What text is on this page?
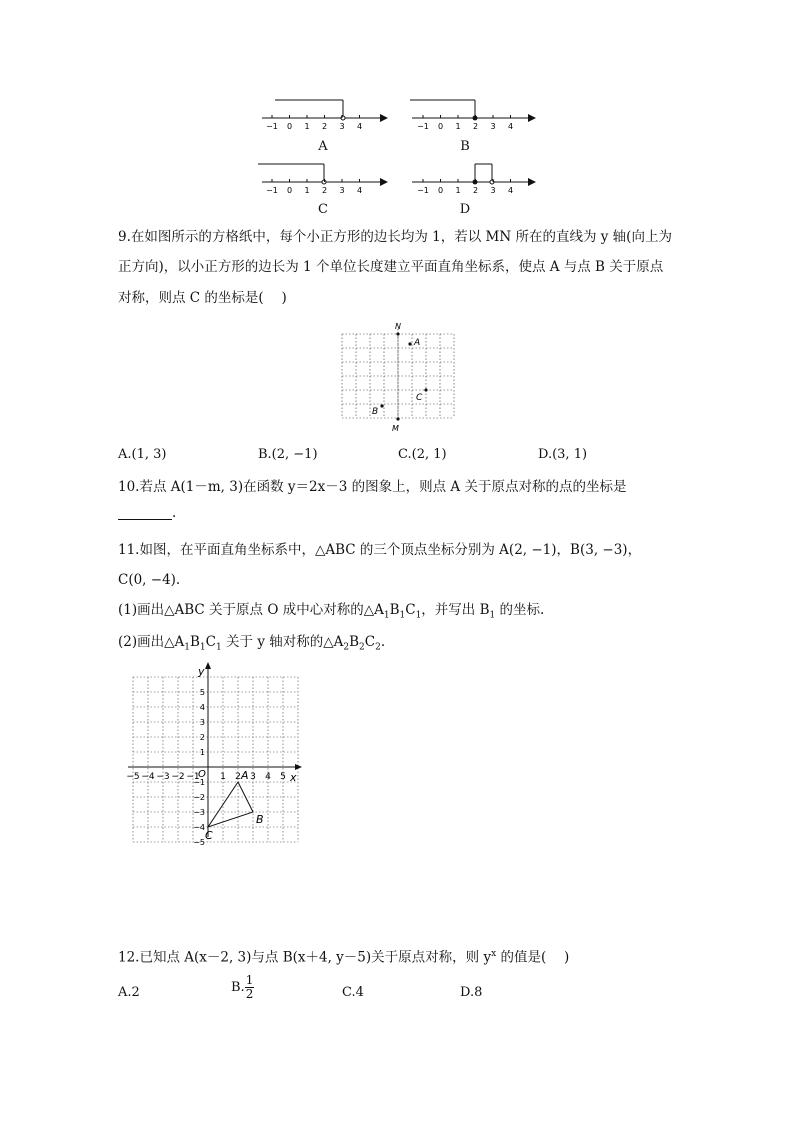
−1 0 1 2 3 4	−1 0 1 2 3 4
−1 0 1 2 3 4	−1 0 1 2 3 4
A	B
C	D
9.在如图所示的方格纸中，每个小正方形的边长均为 1，若以 MN 所在的直线为 y 轴(向上为
正方向)，以小正方形的边长为 1 个单位长度建立平面直角坐标系，使点 A 与点 B 关于原点
对称，则点 C 的坐标是(　 )
N
A
C
B
M
A.(1, 3)	B.(2, −1)	C.(2, 1)	D.(3, 1)
10.若点 A(1－m, 3)在函数 y＝2x－3 的图象上，则点 A 关于原点对称的点的坐标是
.
11.如图，在平面直角坐标系中，△ABC 的三个顶点坐标分别为 A(2, −1)，B(3, −3)，
C(0, −4).
(1)画出△ABC 关于原点 O 成中心对称的$\triangle A_1B_1C_1$，并写出 $B_1$ 的坐标.
(2)画出$\triangle A_1B_1C_1$ 关于 y 轴对称的$\triangle A_2B_2C_2$.
x
y
O
−5 −4 −3 −2 −1 1 2 3 4 5
5
4
3
2
1
−1
−2
−3
−4
−5
A
B
C
12.已知点 A(x－2, 3)与点 B(x＋4, y－5)关于原点对称，则 $y^x$ 的值是(　 )
A.2	B. $\frac{1}{2}$	C.4	D.8
